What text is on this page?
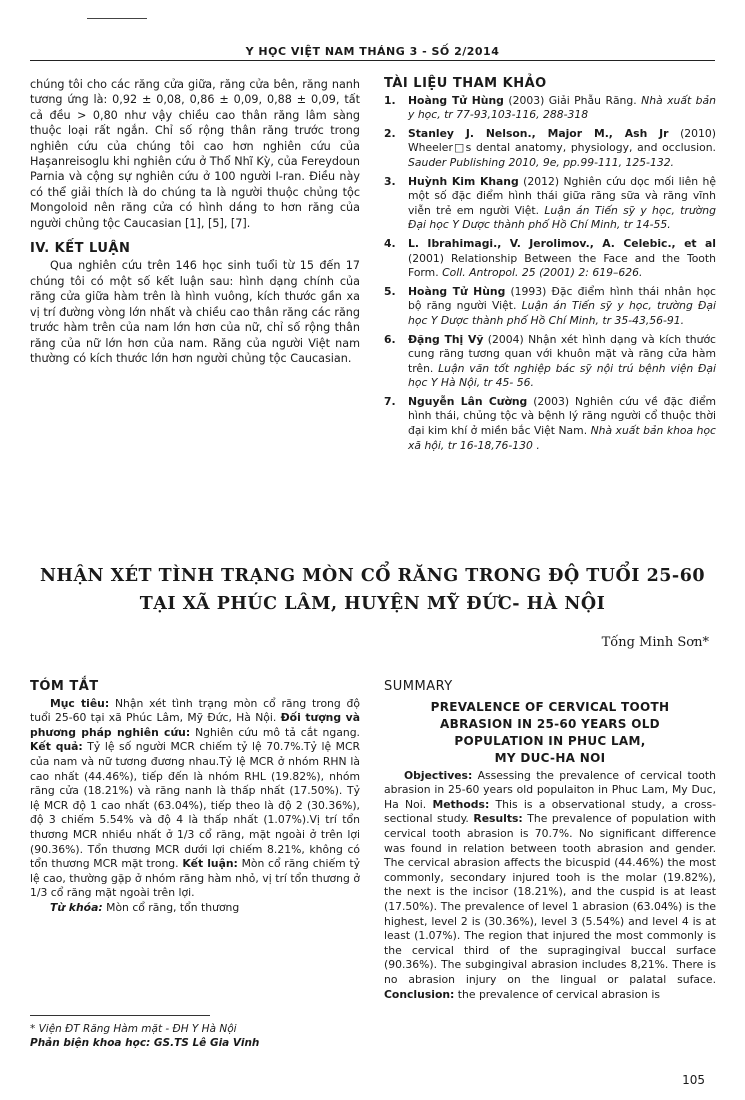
Y HỌC VIỆT NAM THÁNG 3 - SỐ 2/2014

chúng tôi cho các răng cửa giữa, răng cửa bên, răng nanh tương ứng là: 0,92 ± 0,08, 0,86 ± 0,09, 0,88 ± 0,09, tất cả đều > 0,80 như vậy chiều cao thân răng lâm sàng thuộc loại rất ngắn. Chỉ số rộng thân răng trước trong nghiên cứu của chúng tôi cao hơn nghiên cứu của Haşanreisoglu khi nghiên cứu ở Thổ Nhĩ Kỳ, của Fereydoun Parnia và cộng sự nghiên cứu ở 100 người I-ran. Điều này có thể giải thích là do chúng ta là người thuộc chủng tộc Mongoloid nên răng cửa có hình dáng to hơn răng của người chủng tộc Caucasian [1], [5], [7].

IV. KẾT LUẬN

Qua nghiên cứu trên 146 học sinh tuổi từ 15 đến 17 chúng tôi có một số kết luận sau: hình dạng chính của răng cửa giữa hàm trên là hình vuông, kích thước gần xa vị trí đường vòng lớn nhất và chiều cao thân răng các răng trước hàm trên của nam lớn hơn của nữ, chỉ số rộng thân răng của nữ lớn hơn của nam. Răng của người Việt nam thường có kích thước lớn hơn người chủng tộc Caucasian.

TÀI LIỆU THAM KHẢO
1. Hoàng Tử Hùng (2003) Giải Phẫu Răng. Nhà xuất bản y học, tr 77-93,103-116, 288-318
2. Stanley J. Nelson., Major M., Ash Jr (2010) Wheeler□s dental anatomy, physiology, and occlusion. Sauder Publishing 2010, 9e, pp.99-111, 125-132.
3. Huỳnh Kim Khang (2012) Nghiên cứu dọc mối liên hệ một số đặc điểm hình thái giữa răng sữa và răng vĩnh viễn trẻ em người Việt. Luận án Tiến sỹ y học, trường Đại học Y Dược thành phố Hồ Chí Minh, tr 14-55.
4. L. Ibrahimagi., V. Jerolimov., A. Celebic., et al (2001) Relationship Between the Face and the Tooth Form. Coll. Antropol. 25 (2001) 2: 619–626.
5. Hoàng Tử Hùng (1993) Đặc điểm hình thái nhân học bộ răng người Việt. Luận án Tiến sỹ y học, trường Đại học Y Dược thành phố Hồ Chí Minh, tr 35-43,56-91.
6. Đặng Thị Vỹ (2004) Nhận xét hình dạng và kích thước cung răng tương quan với khuôn mặt và răng cửa hàm trên. Luận văn tốt nghiệp bác sỹ nội trú bệnh viện Đại học Y Hà Nội, tr 45- 56.
7. Nguyễn Lân Cường (2003) Nghiên cứu về đặc điểm hình thái, chủng tộc và bệnh lý răng người cổ thuộc thời đại kim khí ở miền bắc Việt Nam. Nhà xuất bản khoa học xã hội, tr 16-18,76-130 .
NHẬN XÉT TÌNH TRẠNG MÒN CỔ RĂNG TRONG ĐỘ TUỔI 25-60
TẠI XÃ PHÚC LÂM, HUYỆN MỸ ĐỨC- HÀ NỘI
Tống Minh Sơn*
TÓM TẮT

Mục tiêu: Nhận xét tình trạng mòn cổ răng trong độ tuổi 25-60 tại xã Phúc Lâm, Mỹ Đức, Hà Nội. Đối tượng và phương pháp nghiên cứu: Nghiên cứu mô tả cắt ngang. Kết quả: Tỷ lệ số người MCR chiếm tỷ lệ 70.7%.Tỷ lệ MCR của nam và nữ tương đương nhau.Tỷ lệ MCR ở nhóm RHN là cao nhất (44.46%), tiếp đến là nhóm RHL (19.82%), nhóm răng cửa (18.21%) và răng nanh là thấp nhất (17.50%). Tỷ lệ MCR độ 1 cao nhất (63.04%), tiếp theo là độ 2 (30.36%), độ 3 chiếm 5.54% và độ 4 là thấp nhất (1.07%).Vị trí tổn thương MCR nhiều nhất ở 1/3 cổ răng, mặt ngoài ở trên lợi (90.36%). Tổn thương MCR dưới lợi chiếm 8.21%, không có tổn thương MCR mặt trong. Kết luận: Mòn cổ răng chiếm tỷ lệ cao, thường gặp ở nhóm răng hàm nhỏ, vị trí tổn thương ở 1/3 cổ răng mặt ngoài trên lợi.

Từ khóa: Mòn cổ răng, tổn thương

SUMMARY
PREVALENCE OF CERVICAL TOOTH
ABRASION IN 25-60 YEARS OLD
POPULATION IN PHUC LAM,
MY DUC-HA NOI

Objectives: Assessing the prevalence of cervical tooth abrasion in 25-60 years old populaiton in Phuc Lam, My Duc, Ha Noi. Methods: This is a observational study, a cross-sectional study. Results: The prevalence of population with cervical tooth abrasion is 70.7%. No significant difference was found in relation between tooth abrasion and gender. The cervical abrasion affects the bicuspid (44.46%) the most commonly, secondary injured tooh is the molar (19.82%), the next is the incisor (18.21%), and the cuspid is at least (17.50%). The prevalence of level 1 abrasion (63.04%) is the highest, level 2 is (30.36%), level 3 (5.54%) and level 4 is at least (1.07%). The region that injured the most commonly is the cervical third of the supragingival buccal surface (90.36%). The subgingival abrasion includes 8,21%. There is no abrasion injury on the lingual or palatal suface. Conclusion: the prevalence of cervical abrasion is

* Viện ĐT Răng Hàm mặt - ĐH Y Hà Nội
Phản biện khoa học: GS.TS Lê Gia Vinh
105
